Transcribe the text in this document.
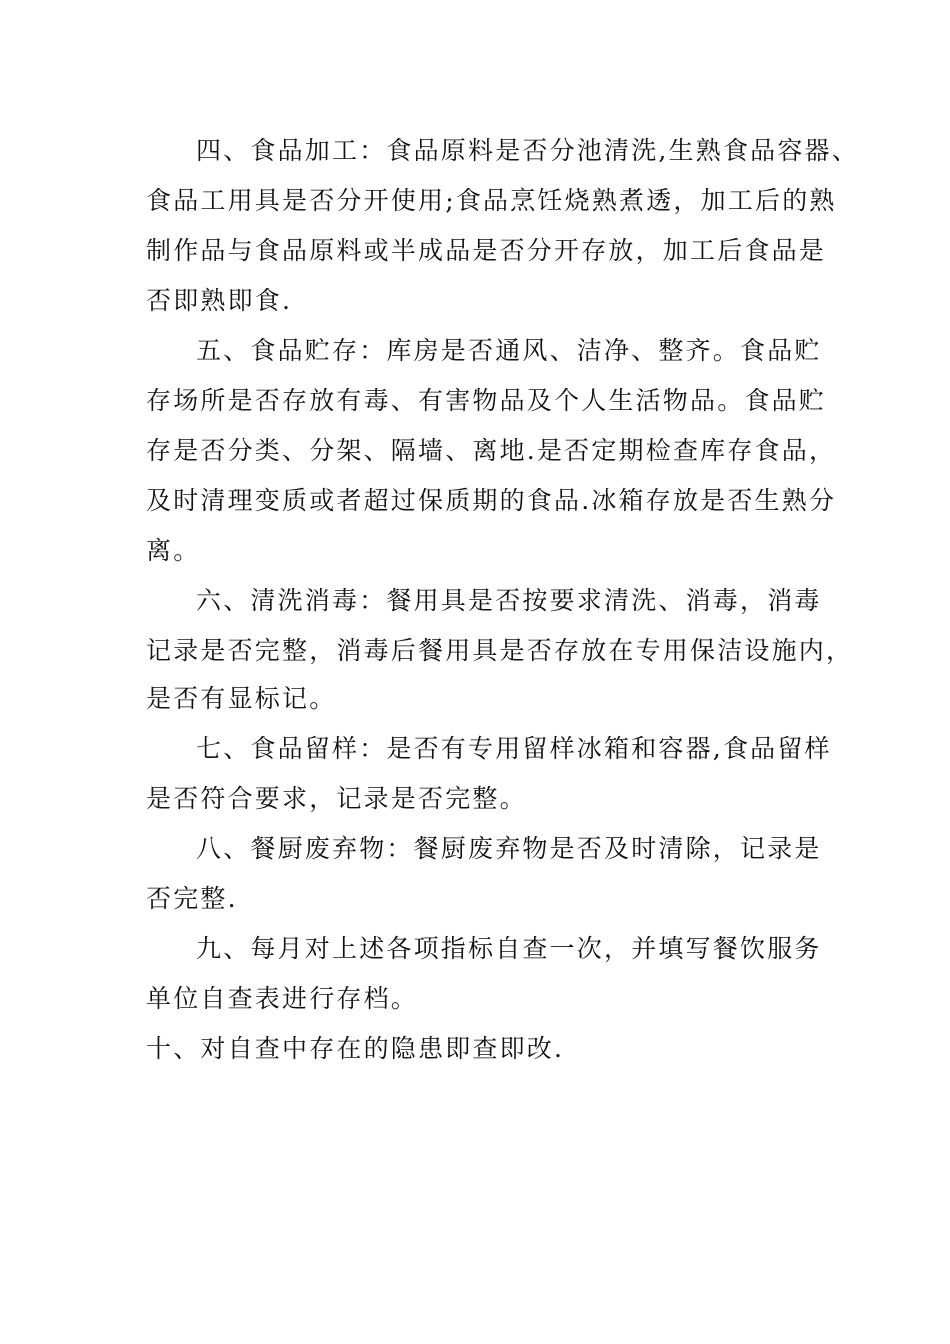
四、食品加工：食品原料是否分池清洗,生熟食品容器、
食品工用具是否分开使用;食品烹饪烧熟煮透，加工后的熟
制作品与食品原料或半成品是否分开存放，加工后食品是
否即熟即食.
五、食品贮存：库房是否通风、洁净、整齐。食品贮
存场所是否存放有毒、有害物品及个人生活物品。食品贮
存是否分类、分架、隔墙、离地.是否定期检查库存食品，
及时清理变质或者超过保质期的食品.冰箱存放是否生熟分
离。
六、清洗消毒：餐用具是否按要求清洗、消毒，消毒
记录是否完整，消毒后餐用具是否存放在专用保洁设施内，
是否有显标记。
七、食品留样：是否有专用留样冰箱和容器,食品留样
是否符合要求，记录是否完整。
八、餐厨废弃物：餐厨废弃物是否及时清除，记录是
否完整.
九、每月对上述各项指标自查一次，并填写餐饮服务
单位自查表进行存档。
十、对自查中存在的隐患即查即改.
